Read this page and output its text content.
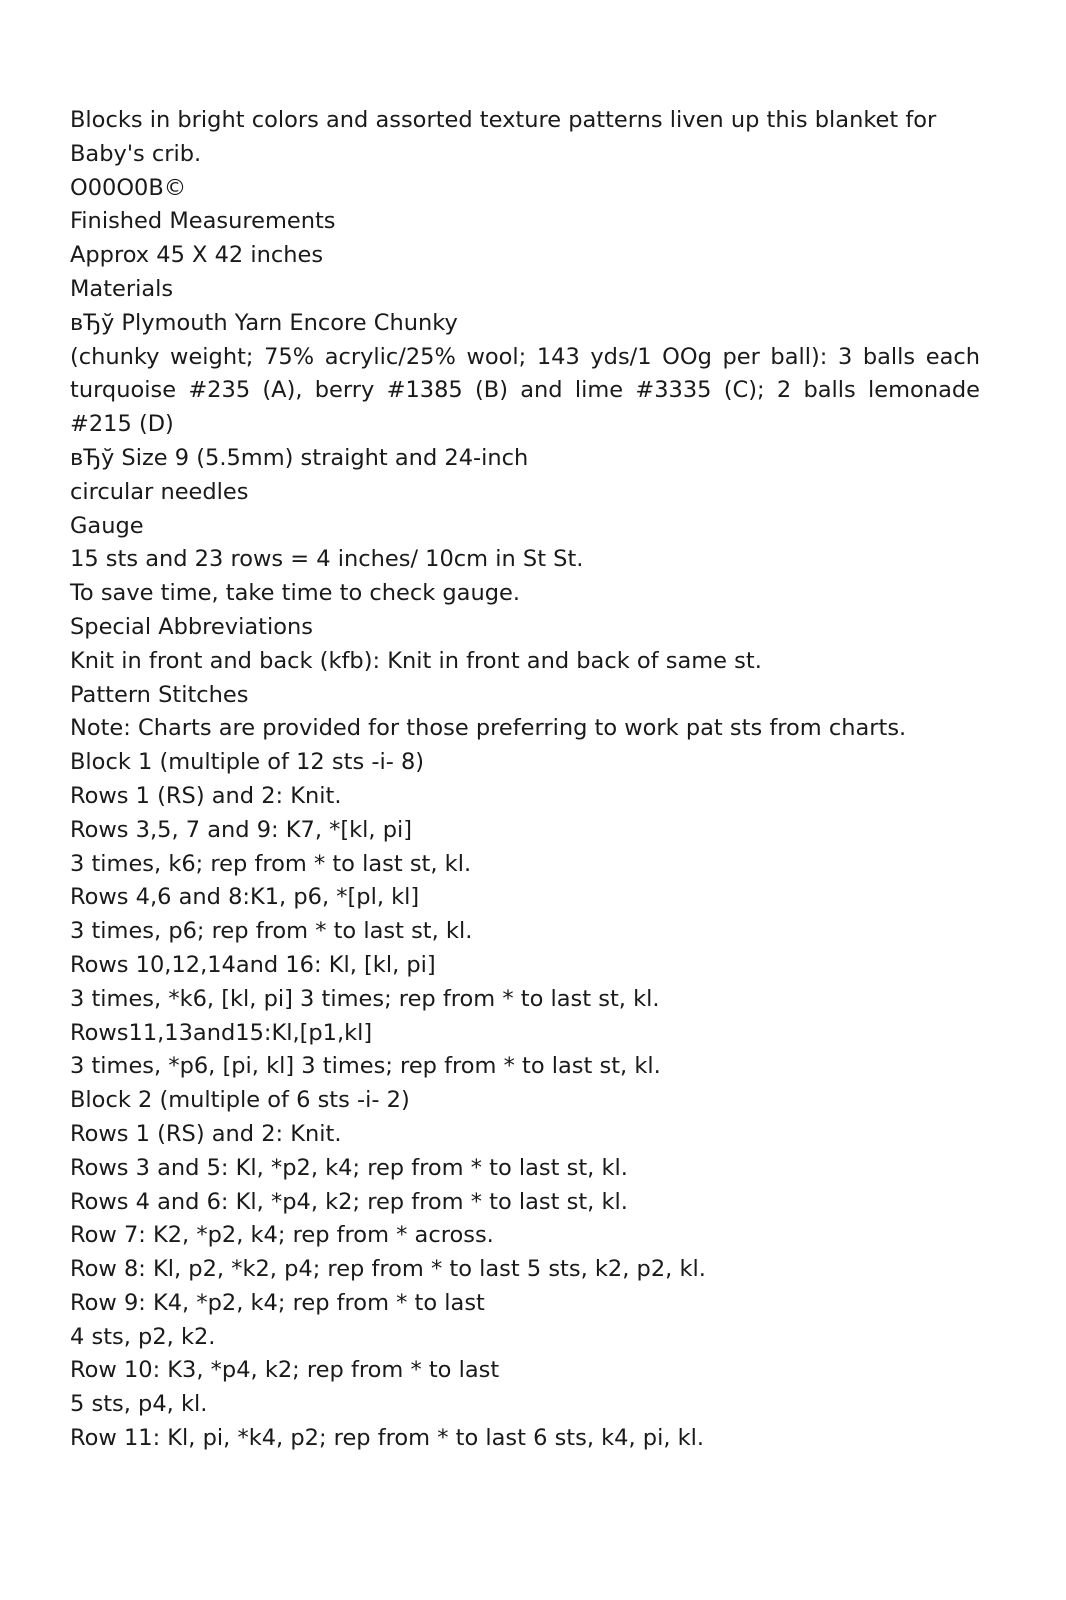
Blocks in bright colors and assorted texture patterns liven up this blanket for Baby's crib.
O00O0B©
Finished Measurements
Approx 45 X 42 inches
Materials
вЂў Plymouth Yarn Encore Chunky
(chunky weight; 75% acrylic/25% wool; 143 yds/1 OOg per ball): 3 balls each turquoise #235 (A), berry #1385 (B) and lime #3335 (C); 2 balls lemonade #215 (D)
вЂў Size 9 (5.5mm) straight and 24-inch
circular needles
Gauge
15 sts and 23 rows = 4 inches/ 10cm in St St.
To save time, take time to check gauge.
Special Abbreviations
Knit in front and back (kfb): Knit in front and back of same st.
Pattern Stitches
Note: Charts are provided for those preferring to work pat sts from charts.
Block 1 (multiple of 12 sts -i- 8)
Rows 1 (RS) and 2: Knit.
Rows 3,5, 7 and 9: K7, *[kl, pi]
3 times, k6; rep from * to last st, kl.
Rows 4,6 and 8:K1, p6, *[pl, kl]
3 times, p6; rep from * to last st, kl.
Rows 10,12,14and 16: Kl, [kl, pi]
3 times, *k6, [kl, pi] 3 times; rep from * to last st, kl.
Rows11,13and15:Kl,[p1,kl]
3 times, *p6, [pi, kl] 3 times; rep from * to last st, kl.
Block 2 (multiple of 6 sts -i- 2)
Rows 1 (RS) and 2: Knit.
Rows 3 and 5: Kl, *p2, k4; rep from * to last st, kl.
Rows 4 and 6: Kl, *p4, k2; rep from * to last st, kl.
Row 7: K2, *p2, k4; rep from * across.
Row 8: Kl, p2, *k2, p4; rep from * to last 5 sts, k2, p2, kl.
Row 9: K4, *p2, k4; rep from * to last
4 sts, p2, k2.
Row 10: K3, *p4, k2; rep from * to last
5 sts, p4, kl.
Row 11: Kl, pi, *k4, p2; rep from * to last 6 sts, k4, pi, kl.
